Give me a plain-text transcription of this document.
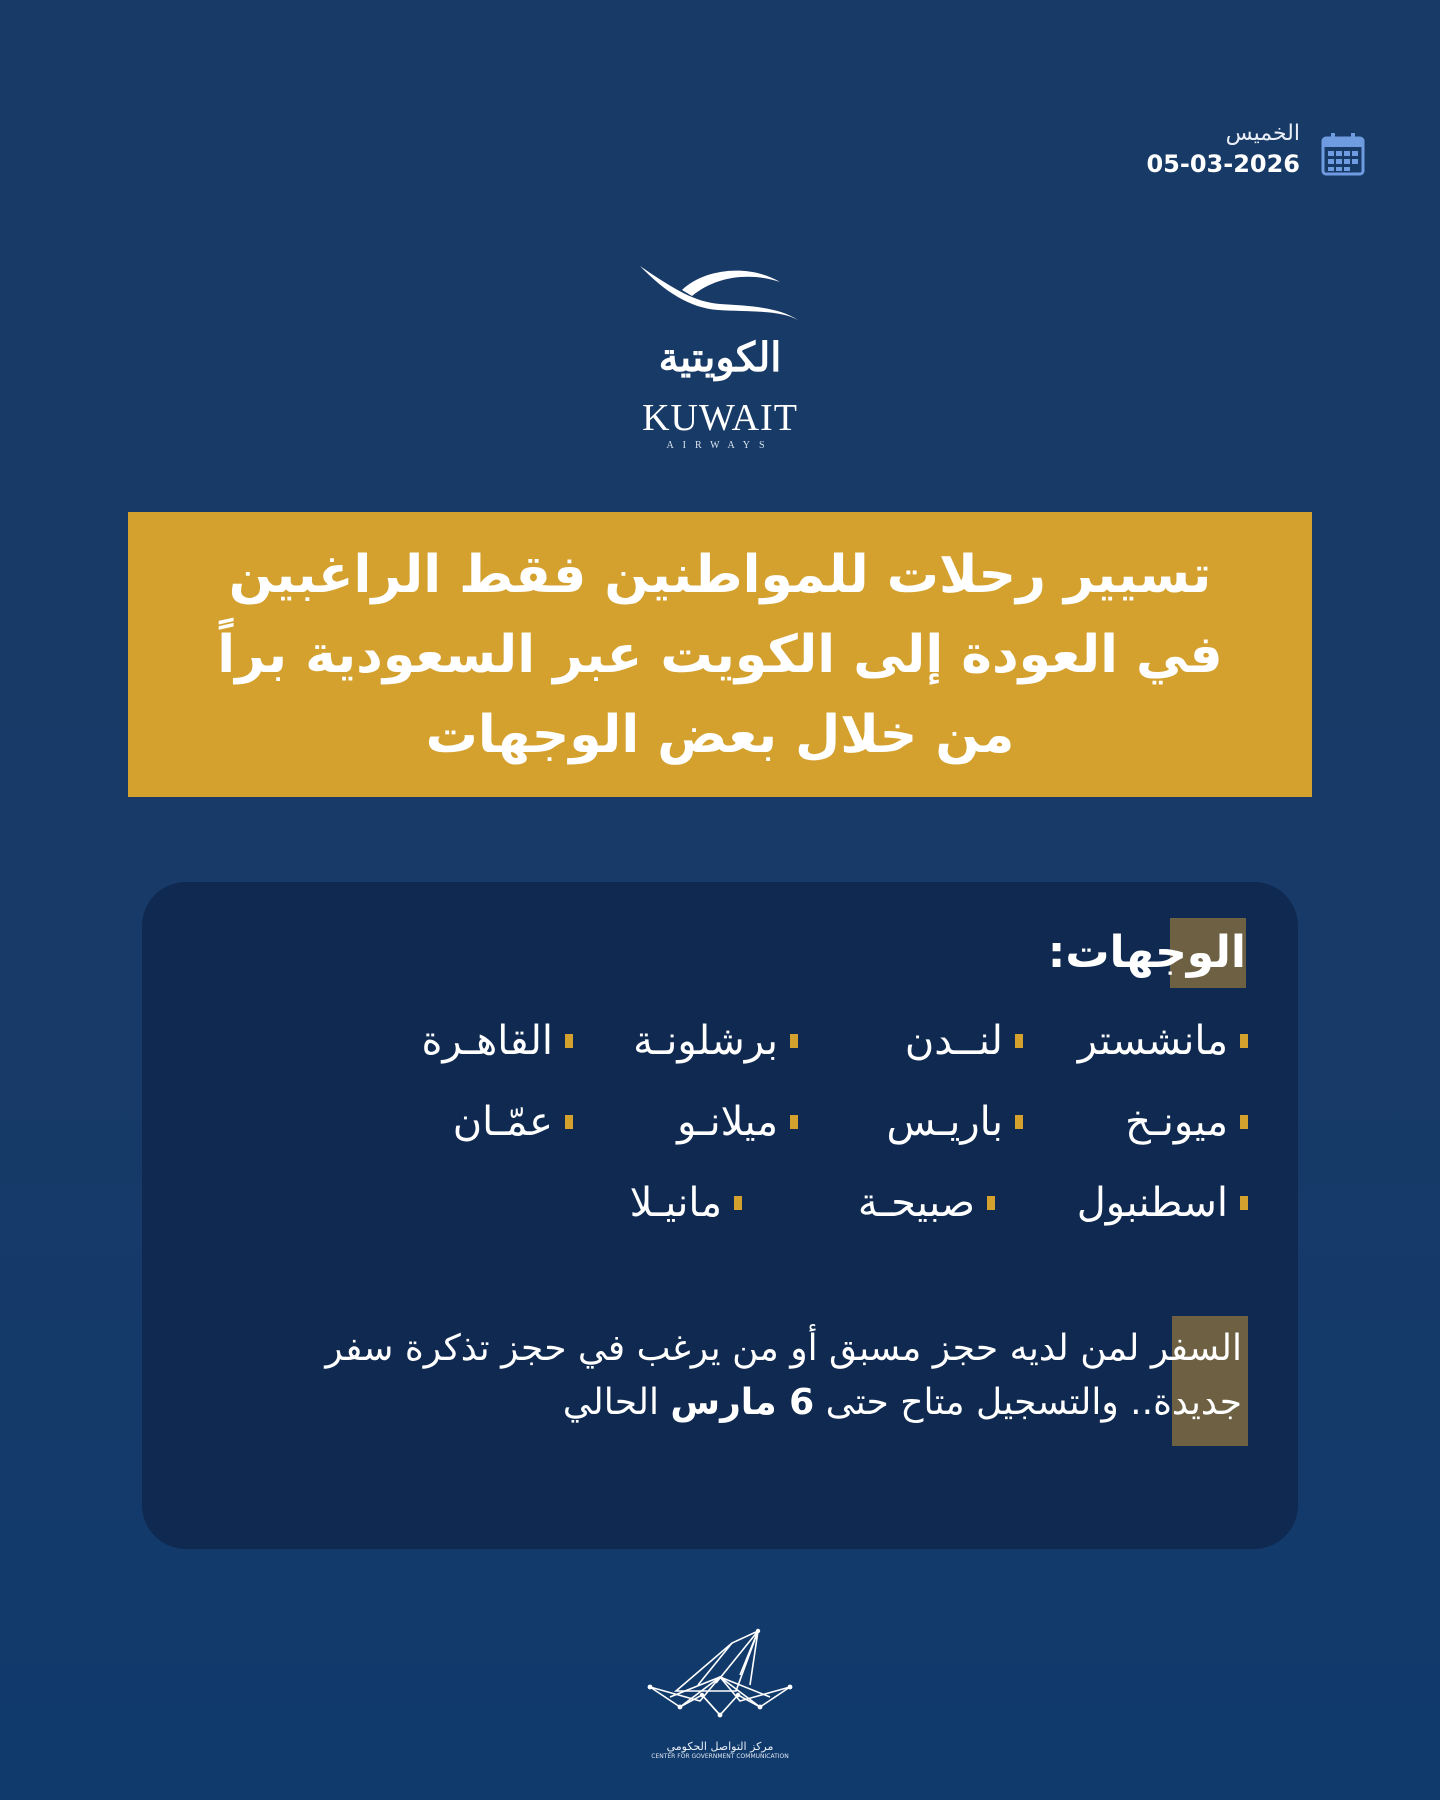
الخميس
05-03-2026
الكويتية
KUWAIT
AIRWAYS
تسيير رحلات للمواطنين فقط الراغبين
في العودة إلى الكويت عبر السعودية براً
من خلال بعض الوجهات
الوجهات:
مانشستر
لنــدن
برشلونـة
القاهـرة
ميونـخ
باريـس
ميلانـو
عمّـان
اسطنبول
صبيحـة
مانيـلا
السفر لمن لديه حجز مسبق أو من يرغب في حجز تذكرة سفر
جديدة.. والتسجيل متاح حتى 6 مارس الحالي
مركز التواصل الحكومي
CENTER FOR GOVERNMENT COMMUNICATION
